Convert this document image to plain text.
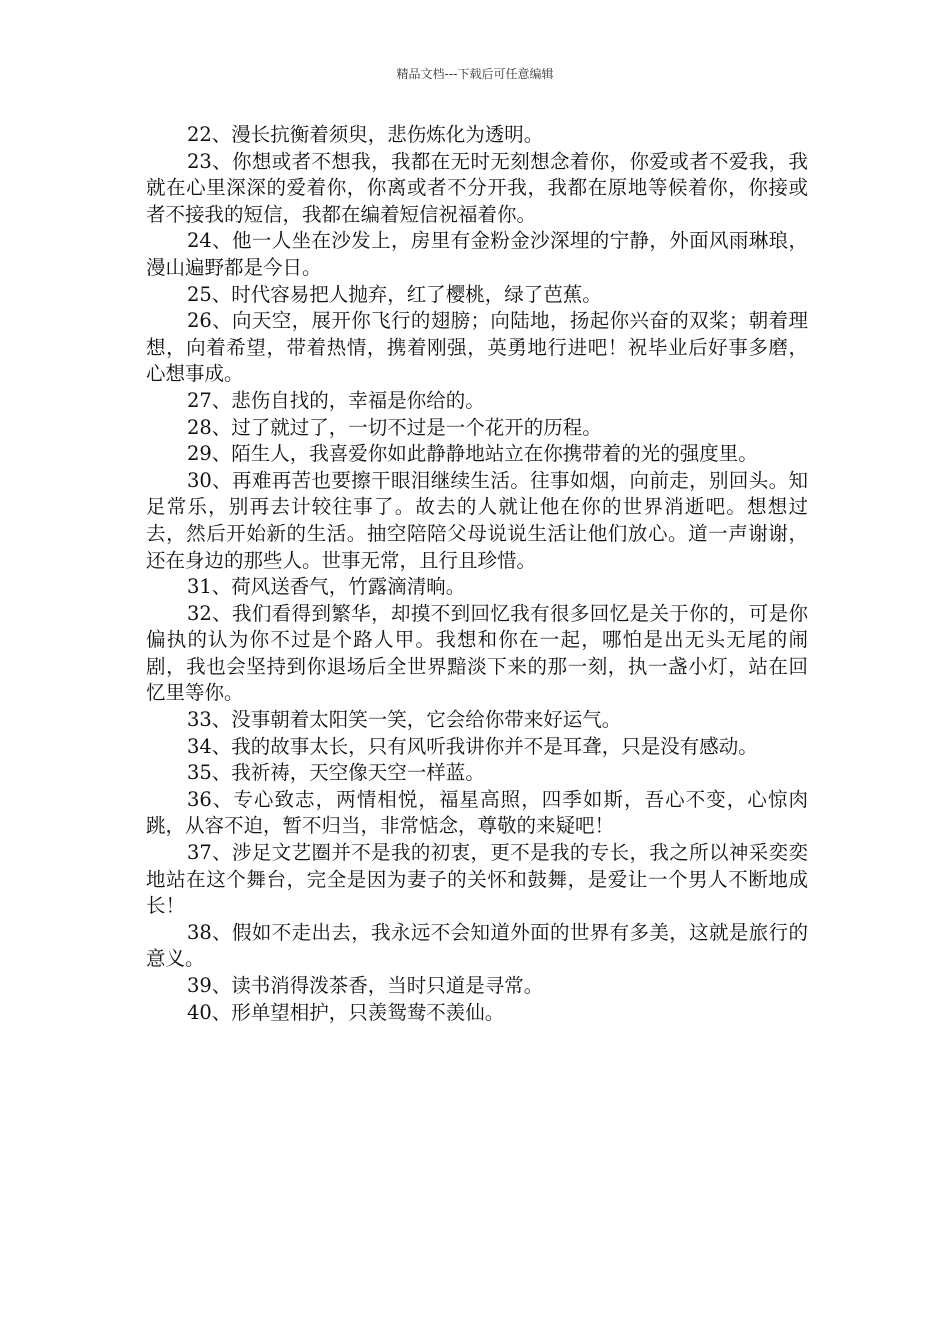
精品文档---下载后可任意编辑

22、漫长抗衡着须臾，悲伤炼化为透明。

23、你想或者不想我，我都在无时无刻想念着你，你爱或者不爱我，我就在心里深深的爱着你，你离或者不分开我，我都在原地等候着你，你接或者不接我的短信，我都在编着短信祝福着你。

24、他一人坐在沙发上，房里有金粉金沙深埋的宁静，外面风雨琳琅，漫山遍野都是今日。

25、时代容易把人抛弃，红了樱桃，绿了芭蕉。

26、向天空，展开你飞行的翅膀；向陆地，扬起你兴奋的双桨；朝着理想，向着希望，带着热情，携着刚强，英勇地行进吧！祝毕业后好事多磨，心想事成。

27、悲伤自找的，幸福是你给的。

28、过了就过了，一切不过是一个花开的历程。

29、陌生人，我喜爱你如此静静地站立在你携带着的光的强度里。

30、再难再苦也要擦干眼泪继续生活。往事如烟，向前走，别回头。知足常乐，别再去计较往事了。故去的人就让他在你的世界消逝吧。想想过去，然后开始新的生活。抽空陪陪父母说说生活让他们放心。道一声谢谢，还在身边的那些人。世事无常，且行且珍惜。

31、荷风送香气，竹露滴清晌。

32、我们看得到繁华，却摸不到回忆我有很多回忆是关于你的，可是你偏执的认为你不过是个路人甲。我想和你在一起，哪怕是出无头无尾的闹剧，我也会坚持到你退场后全世界黯淡下来的那一刻，执一盏小灯，站在回忆里等你。

33、没事朝着太阳笑一笑，它会给你带来好运气。

34、我的故事太长，只有风听我讲你并不是耳聋，只是没有感动。

35、我祈祷，天空像天空一样蓝。

36、专心致志，两情相悦，福星高照，四季如斯，吾心不变，心惊肉跳，从容不迫，暂不归当，非常惦念，尊敬的来疑吧！

37、涉足文艺圈并不是我的初衷，更不是我的专长，我之所以神采奕奕地站在这个舞台，完全是因为妻子的关怀和鼓舞，是爱让一个男人不断地成长！

38、假如不走出去，我永远不会知道外面的世界有多美，这就是旅行的意义。

39、读书消得泼茶香，当时只道是寻常。

40、形单望相护，只羡鸳鸯不羡仙。
